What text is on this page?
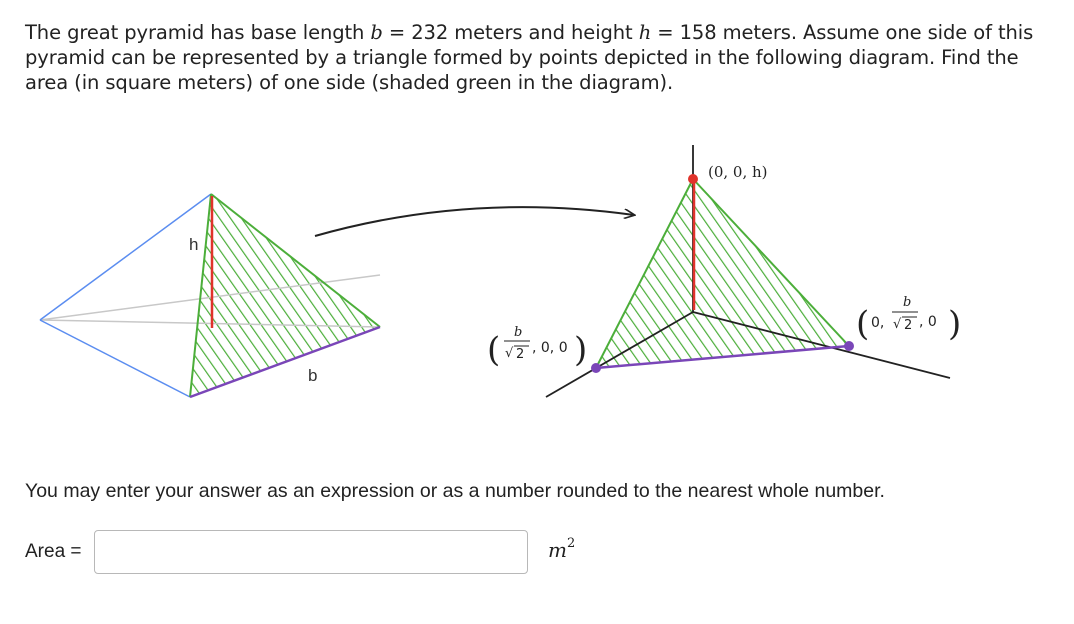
The great pyramid has base length b = 232 meters and height h = 158 meters. Assume one side of this pyramid can be represented by a triangle formed by points depicted in the following diagram. Find the area (in square meters) of one side (shaded green in the diagram).
h
b
(0, 0, h)
( b
√ 2 , 0, 0 )
( 0,
b
√ 2 , 0 )
You may enter your answer as an expression or as a number rounded to the nearest whole number.
Area =	$m^2$
